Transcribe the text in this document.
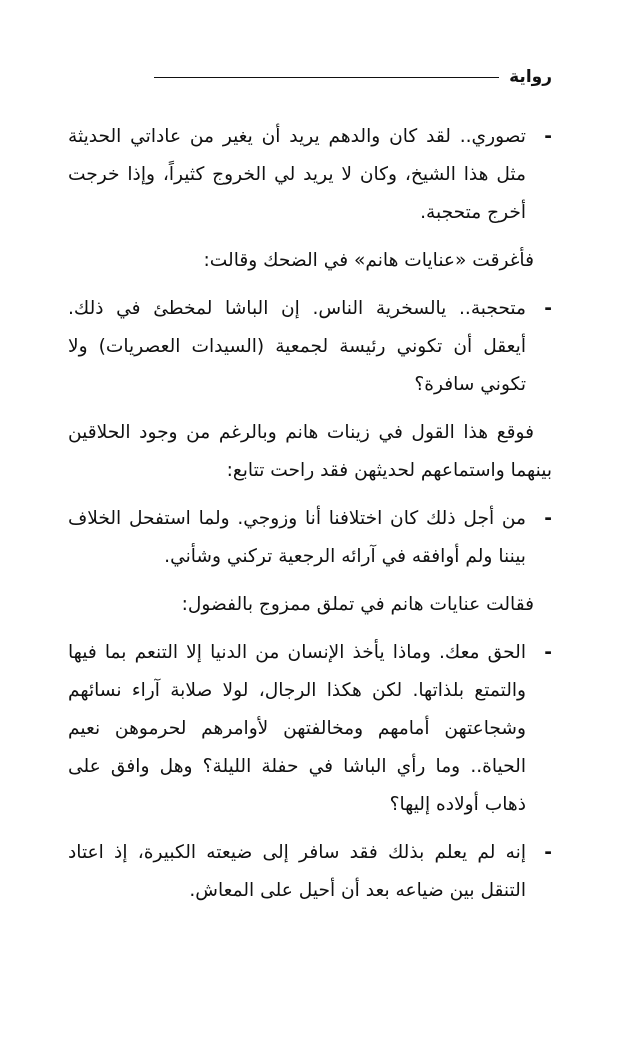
رواية

-
تصوري.. لقد كان والدهم يريد أن يغير من عاداتي الحديثة مثل هذا الشيخ، وكان لا يريد لي الخروج كثيراً، وإذا خرجت أخرج متحجبة.

فأغرقت «عنايات هانم» في الضحك وقالت:

-
متحجبة.. يالسخرية الناس. إن الباشا لمخطئ في ذلك. أيعقل أن تكوني رئيسة لجمعية (السيدات العصريات) ولا تكوني سافرة؟

فوقع هذا القول في زينات هانم وبالرغم من وجود الحلاقين بينهما واستماعهم لحديثهن فقد راحت تتابع:

-
من أجل ذلك كان اختلافنا أنا وزوجي. ولما استفحل الخلاف بيننا ولم أوافقه في آرائه الرجعية تركني وشأني.

فقالت عنايات هانم في تملق ممزوج بالفضول:

-
الحق معك. وماذا يأخذ الإنسان من الدنيا إلا التنعم بما فيها والتمتع بلذاتها. لكن هكذا الرجال، لولا صلابة آراء نسائهم وشجاعتهن أمامهم ومخالفتهن لأوامرهم لحرموهن نعيم الحياة.. وما رأي الباشا في حفلة الليلة؟ وهل وافق على ذهاب أولاده إليها؟

-
إنه لم يعلم بذلك فقد سافر إلى ضيعته الكبيرة، إذ اعتاد التنقل بين ضياعه بعد أن أحيل على المعاش.
